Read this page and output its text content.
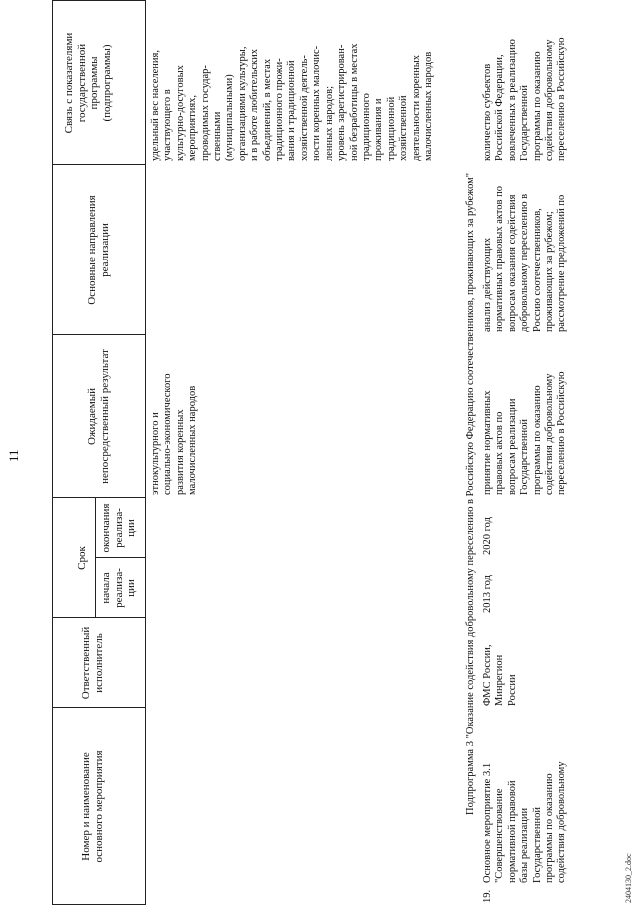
11
Номер и наименование
основного мероприятия
Ответственный
исполнитель
Срок
начала
реализа-
ции
окончания
реализа-
ции
Ожидаемый
непосредственный результат
Основные направления
реализации
Связь с показателями
государственной
программы
(подпрограммы)
этнокультурного и
социально-экономического
развития коренных
малочисленных народов
удельный вес населения,
участвующего в
культурно-досуговых
мероприятиях,
проводимых государ-
ственными
(муниципальными)
организациями культуры,
и в работе любительских
объединений, в местах
традиционного прожи-
вания и традиционной
хозяйственной деятель-
ности коренных малочис-
ленных народов;
уровень зарегистрирован-
ной безработицы в местах
традиционного
проживания и
традиционной
хозяйственной
деятельности коренных
малочисленных народов
Подпрограмма 3 "Оказание содействия добровольному переселению в Российскую Федерацию соотечественников, проживающих за рубежом"
19.
Основное мероприятие 3.1
"Совершенствование
нормативной правовой
базы реализации
Государственной
программы по оказанию
содействия добровольному
ФМС России,
Минрегион
России
2013 год
2020 год
принятие нормативных
правовых актов по
вопросам реализации
Государственной
программы по оказанию
содействия добровольному
переселению в Российскую
анализ действующих
нормативных правовых актов по
вопросам оказания содействия
добровольному переселению в
Россию соотечественников,
проживающих за рубежом;
рассмотрение предложений по
количество субъектов
Российской Федерации,
вовлеченных в реализацию
Государственной
программы по оказанию
содействия добровольному
переселению в Российскую
2404130_2.doc
